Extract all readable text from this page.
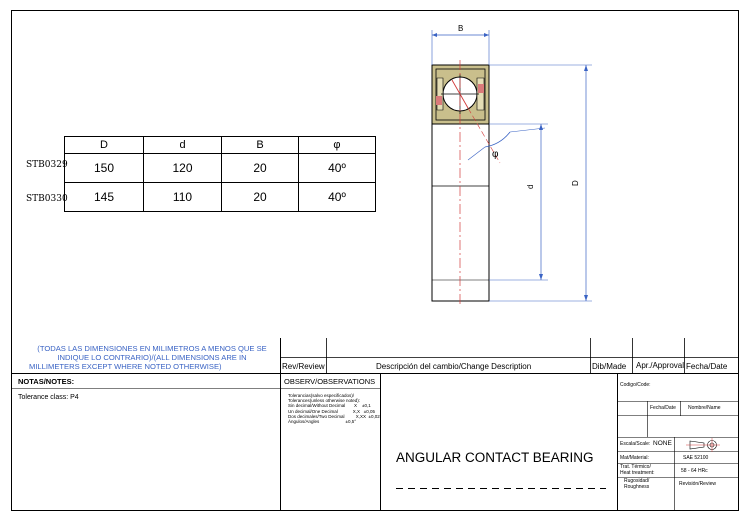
B
D
d
φ
STB0329
STB0330
D	d	B	φ
150	120	20	40º
145	110	20	40º
(TODAS LAS DIMENSIONES EN MILIMETROS A MENOS QUE SE
INDIQUE LO CONTRARIO)/(ALL DIMENSIONS ARE IN
MILLIMETERS EXCEPT WHERE NOTED OTHERWISE)
NOTAS/NOTES:
Tolerance class: P4
Rev/Review	Descripción del cambio/Change Description	Dib/Made Apr./Approval Fecha/Date
OBSERV/OBSERVATIONS
Tolerancias(salvo especificados)/
Tolerances(unless otherwise noted):
Sin decimal/Without Decimal       X    ±0,1
Un decimal/One Decimal            X,X   ±0,05
Dos decimales/Two Decimal         X,XX  ±0,02
Ángulos/Angles                     ±0,5°
ANGULAR CONTACT BEARING
Codigo/Code:
Fecha/Date Nombre/Name
Escala/Scale: NONE
Mat/Material:	SAE 52100
Trat. Térmico/
Heat treatment:	58 - 64 HRc
Rugosidad/
Roughness	Revisión/Review
